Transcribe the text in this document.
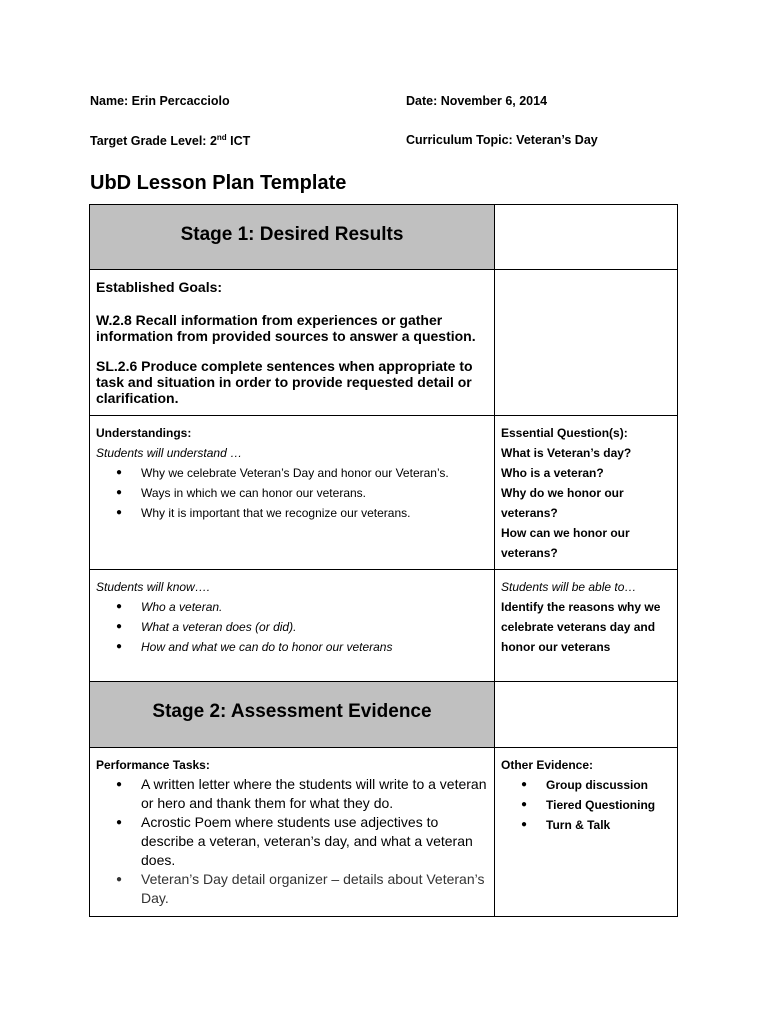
Name: Erin Percacciolo	Date: November 6, 2014
Target Grade Level: 2nd ICT	Curriculum Topic: Veteran’s Day
UbD Lesson Plan Template
Stage 1: Desired Results
Established Goals:
W.2.8 Recall information from experiences or gather information from provided sources to answer a question.
SL.2.6 Produce complete sentences when appropriate to task and situation in order to provide requested detail or clarification.
Understandings:
Students will understand …
● Why we celebrate Veteran’s Day and honor our Veteran’s.
● Ways in which we can honor our veterans.
● Why it is important that we recognize our veterans.
Essential Question(s):
What is Veteran’s day?
Who is a veteran?
Why do we honor our veterans?
How can we honor our veterans?
Students will know….
● Who a veteran.
● What a veteran does (or did).
● How and what we can do to honor our veterans
Students will be able to…
Identify the reasons why we celebrate veterans day and honor our veterans
Stage 2: Assessment Evidence
Performance Tasks:
● A written letter where the students will write to a veteran or hero and thank them for what they do.
● Acrostic Poem where students use adjectives to describe a veteran, veteran’s day, and what a veteran does.
● Veteran’s Day detail organizer – details about Veteran’s Day.
Other Evidence:
● Group discussion
● Tiered Questioning
● Turn & Talk
